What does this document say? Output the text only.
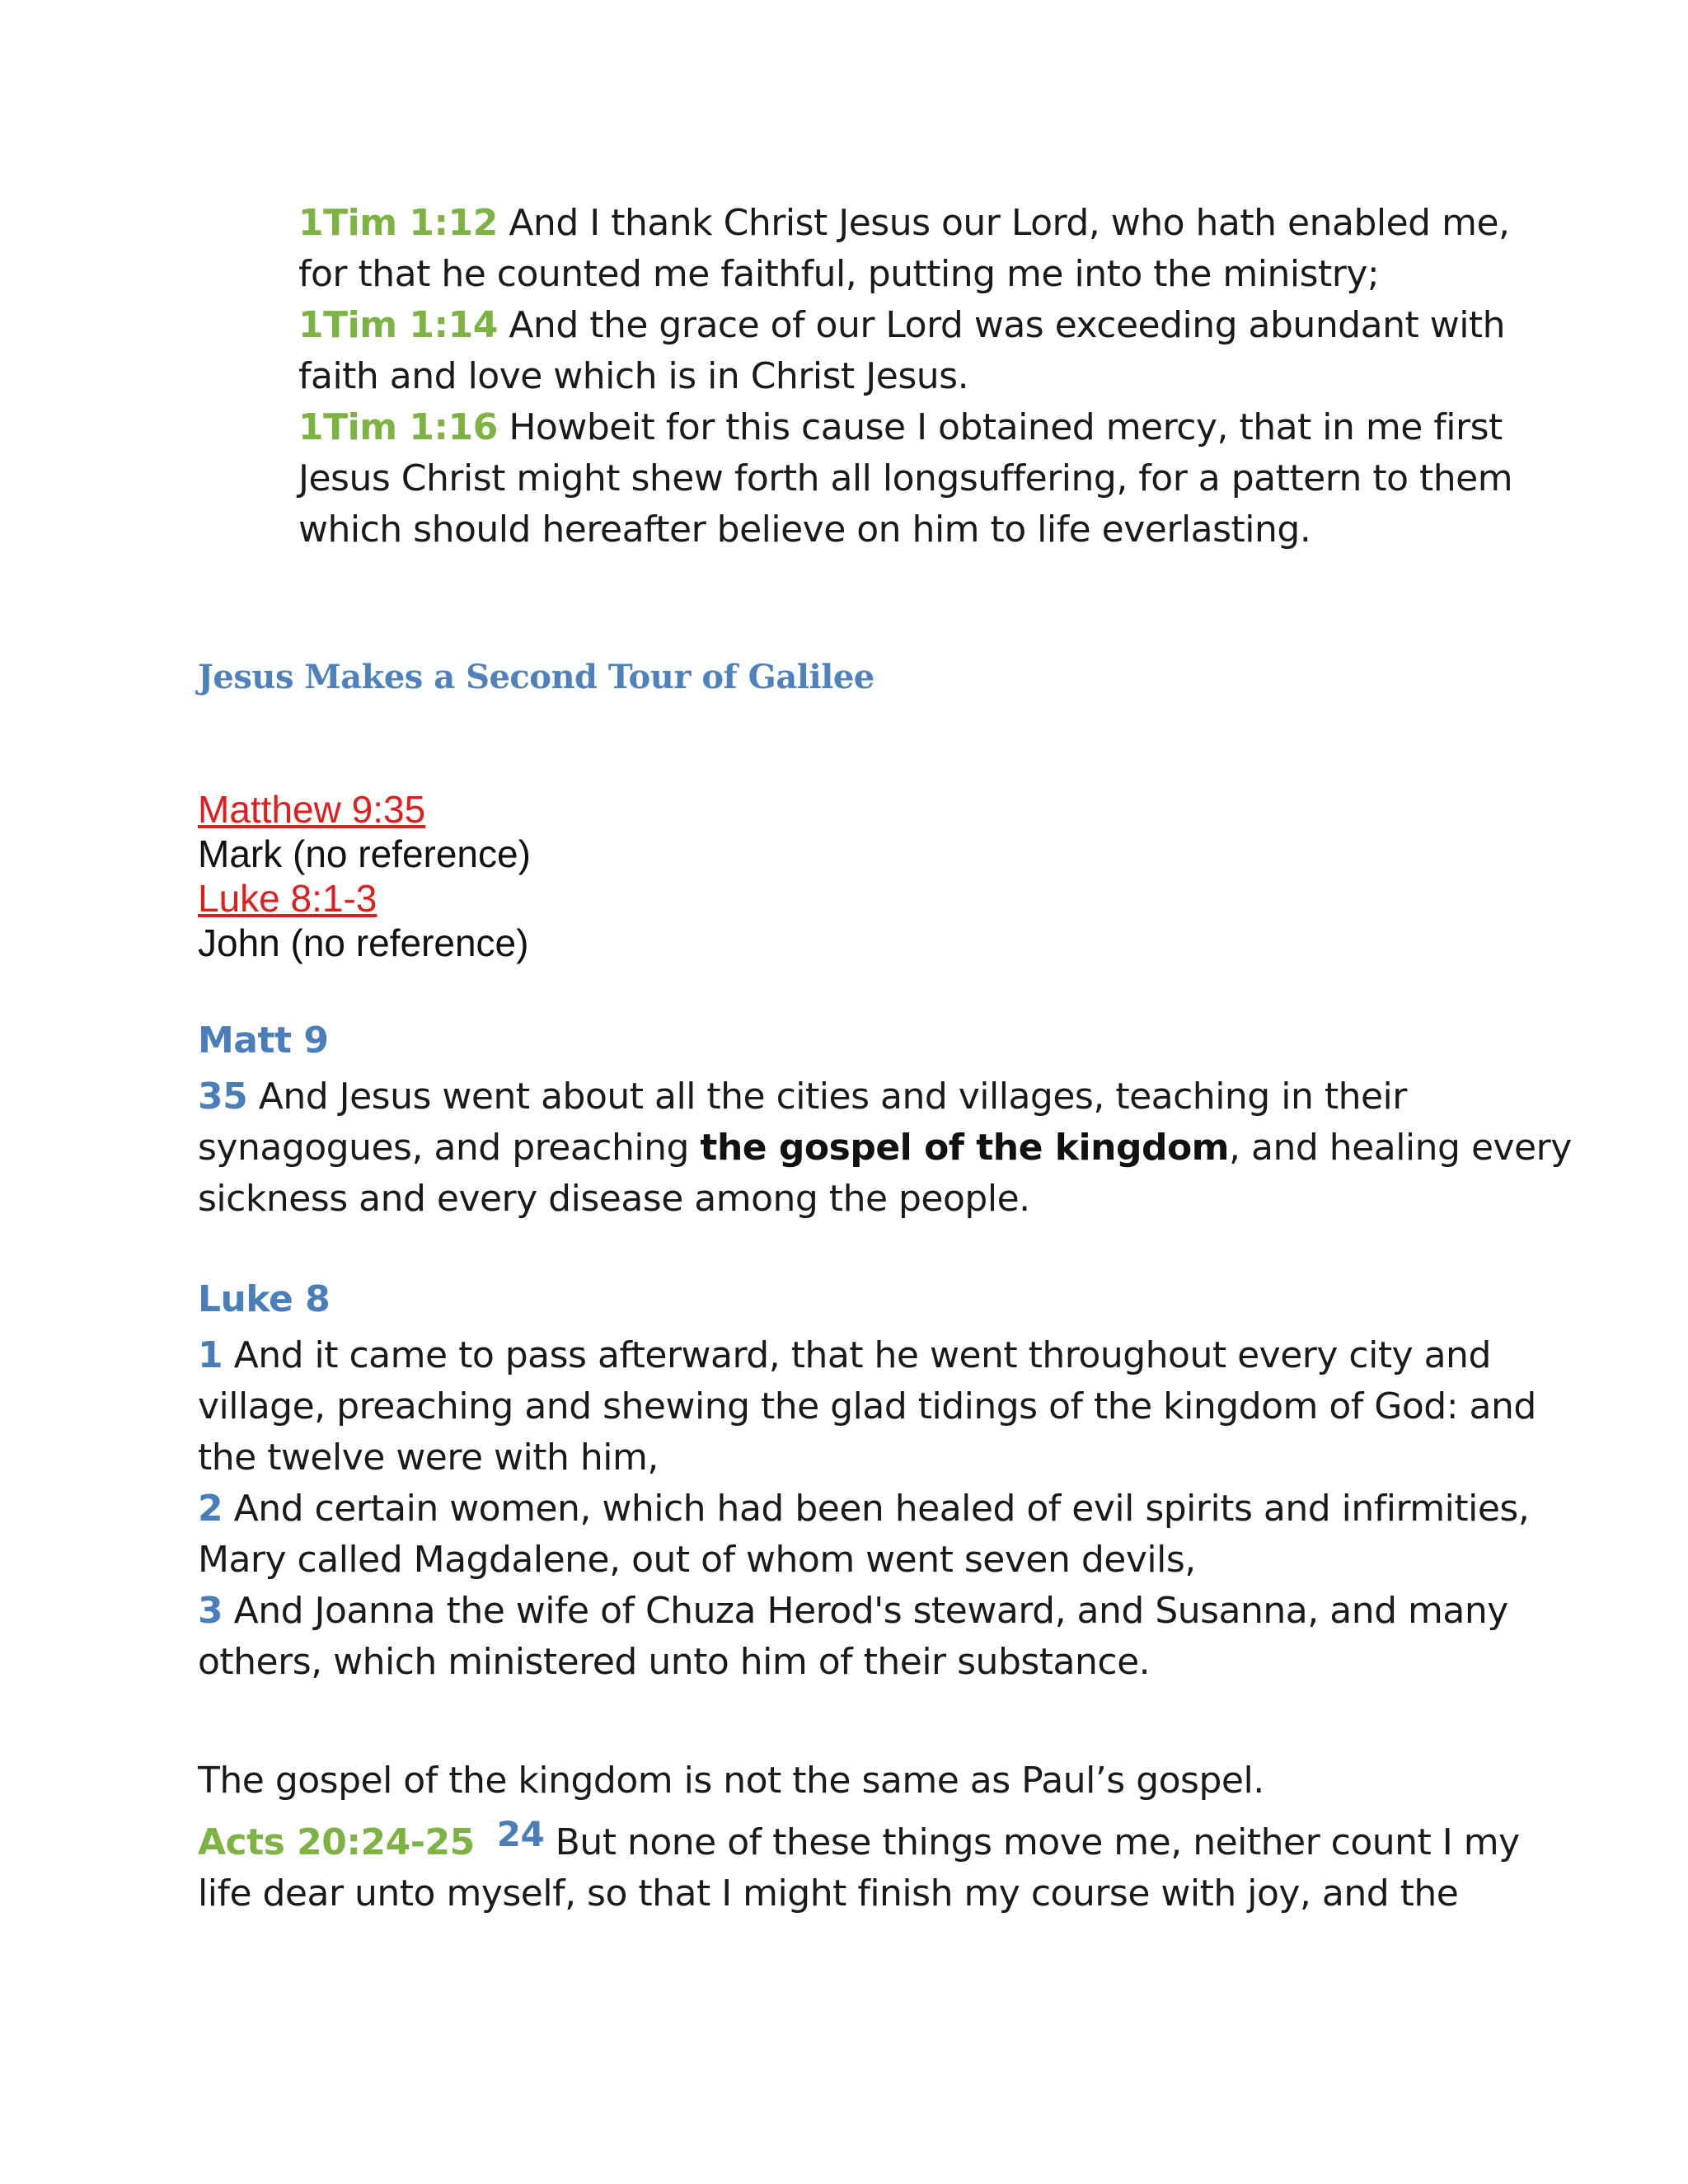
1Tim 1:12 And I thank Christ Jesus our Lord, who hath enabled me,
for that he counted me faithful, putting me into the ministry;
1Tim 1:14 And the grace of our Lord was exceeding abundant with
faith and love which is in Christ Jesus.
1Tim 1:16 Howbeit for this cause I obtained mercy, that in me first
Jesus Christ might shew forth all longsuffering, for a pattern to them
which should hereafter believe on him to life everlasting.
Jesus Makes a Second Tour of Galilee
Matthew 9:35
Mark (no reference)
Luke 8:1-3
John (no reference)
Matt 9
35 And Jesus went about all the cities and villages, teaching in their
synagogues, and preaching the gospel of the kingdom, and healing every
sickness and every disease among the people.
Luke 8
1 And it came to pass afterward, that he went throughout every city and
village, preaching and shewing the glad tidings of the kingdom of God: and
the twelve were with him,
2 And certain women, which had been healed of evil spirits and infirmities,
Mary called Magdalene, out of whom went seven devils,
3 And Joanna the wife of Chuza Herod's steward, and Susanna, and many
others, which ministered unto him of their substance.
The gospel of the kingdom is not the same as Paul’s gospel.
Acts 20:24-25 24 But none of these things move me, neither count I my
life dear unto myself, so that I might finish my course with joy, and the
